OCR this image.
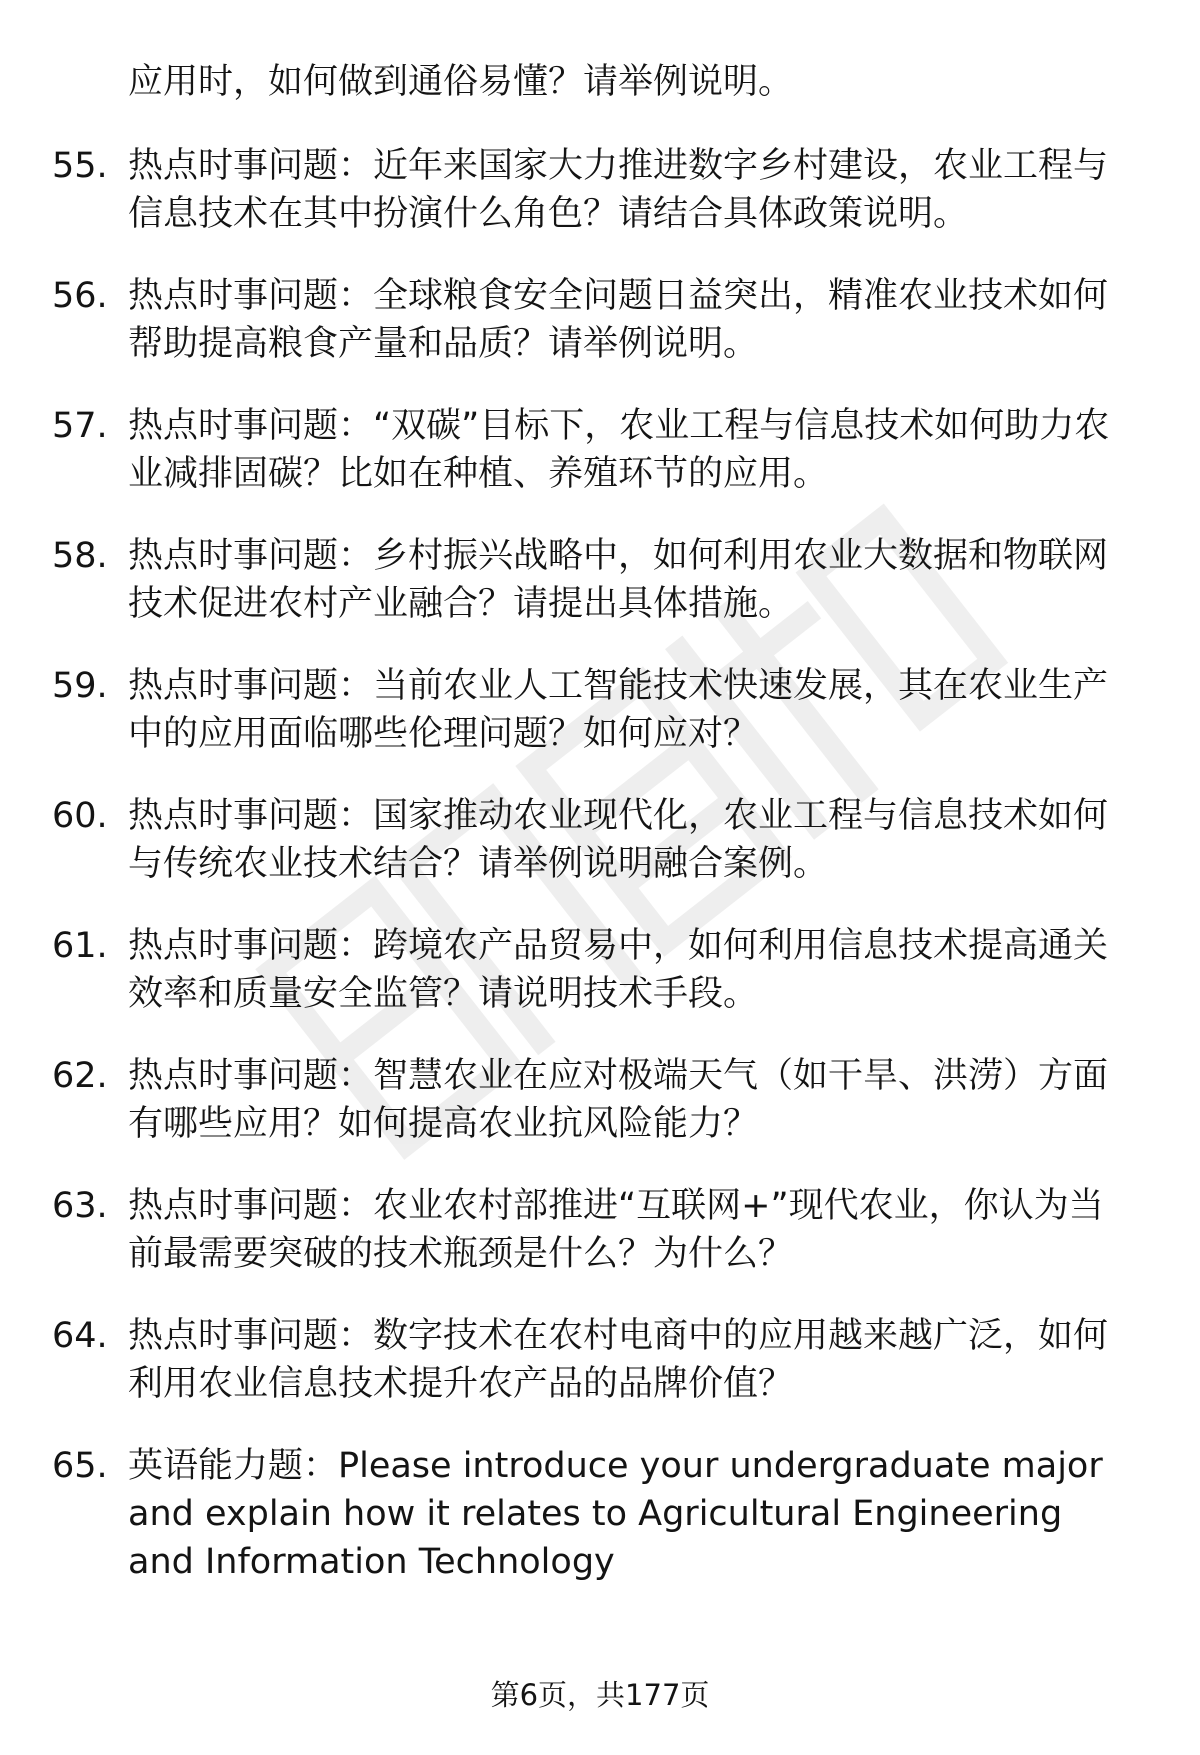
应用时，如何做到通俗易懂？请举例说明。

55. 热点时事问题：近年来国家大力推进数字乡村建设，农业工程与信息技术在其中扮演什么角色？请结合具体政策说明。

56. 热点时事问题：全球粮食安全问题日益突出，精准农业技术如何帮助提高粮食产量和品质？请举例说明。

57. 热点时事问题：“双碳”目标下，农业工程与信息技术如何助力农业减排固碳？比如在种植、养殖环节的应用。

58. 热点时事问题：乡村振兴战略中，如何利用农业大数据和物联网技术促进农村产业融合？请提出具体措施。

59. 热点时事问题：当前农业人工智能技术快速发展，其在农业生产中的应用面临哪些伦理问题？如何应对？

60. 热点时事问题：国家推动农业现代化，农业工程与信息技术如何与传统农业技术结合？请举例说明融合案例。

61. 热点时事问题：跨境农产品贸易中，如何利用信息技术提高通关效率和质量安全监管？请说明技术手段。

62. 热点时事问题：智慧农业在应对极端天气（如干旱、洪涝）方面有哪些应用？如何提高农业抗风险能力？

63. 热点时事问题：农业农村部推进“互联网+”现代农业，你认为当前最需要突破的技术瓶颈是什么？为什么？

64. 热点时事问题：数字技术在农村电商中的应用越来越广泛，如何利用农业信息技术提升农产品的品牌价值？

65. 英语能力题：Please introduce your undergraduate major and explain how it relates to Agricultural Engineering and Information Technology

第6页，共177页
